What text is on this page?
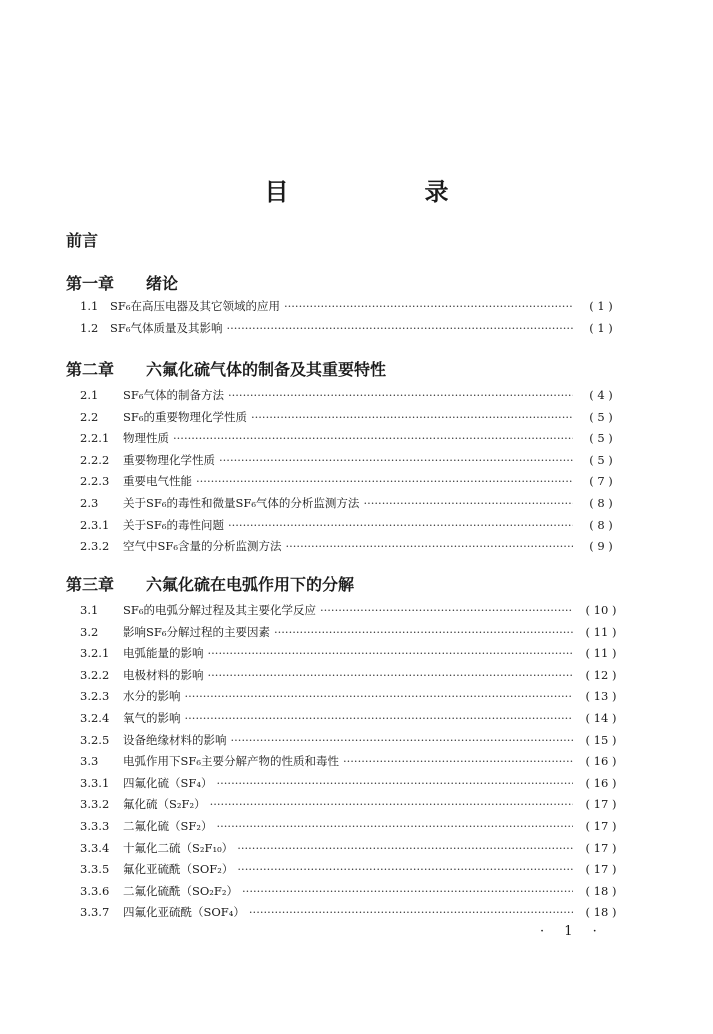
目　录
前言
第一章 绪论
1.1	SF₆在高压电器及其它领域的应用 ·····	( 1 )
1.2	SF₆气体质量及其影响 ·····	( 1 )
第二章 六氟化硫气体的制备及其重要特性
2.1	SF₆气体的制备方法 ·····	( 4 )
2.2	SF₆的重要物理化学性质 ·····	( 5 )
2.2.1	物理性质 ·····	( 5 )
2.2.2	重要物理化学性质 ·····	( 5 )
2.2.3	重要电气性能 ·····	( 7 )
2.3	关于SF₆的毒性和微量SF₆气体的分析监测方法 ·····	( 8 )
2.3.1	关于SF₆的毒性问题 ·····	( 8 )
2.3.2	空气中SF₆含量的分析监测方法 ·····	( 9 )
第三章 六氟化硫在电弧作用下的分解
3.1	SF₆的电弧分解过程及其主要化学反应 ·····	( 10 )
3.2	影响SF₆分解过程的主要因素 ·····	( 11 )
3.2.1	电弧能量的影响 ·····	( 11 )
3.2.2	电极材料的影响 ·····	( 12 )
3.2.3	水分的影响 ·····	( 13 )
3.2.4	氧气的影响 ·····	( 14 )
3.2.5	设备绝缘材料的影响 ·····	( 15 )
3.3	电弧作用下SF₆主要分解产物的性质和毒性 ·····	( 16 )
3.3.1	四氟化硫（SF₄） ·····	( 16 )
3.3.2	氟化硫（S₂F₂） ·····	( 17 )
3.3.3	二氟化硫（SF₂） ·····	( 17 )
3.3.4	十氟化二硫（S₂F₁₀） ·····	( 17 )
3.3.5	氟化亚硫酰（SOF₂） ·····	( 17 )
3.3.6	二氟化硫酰（SO₂F₂） ·····	( 18 )
3.3.7	四氟化亚硫酰（SOF₄） ·····	( 18 )
· 1 ·
